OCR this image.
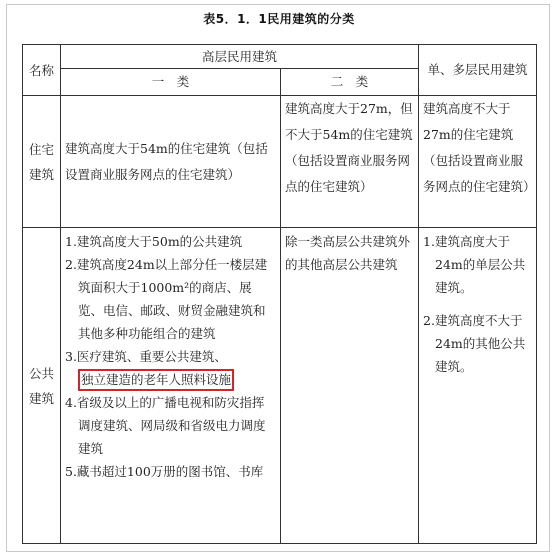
表5．1．1民用建筑的分类
名称	高层民用建筑		单、多层民用建筑
	一　类	二　类	
住宅建筑	建筑高度大于54m的住宅建筑（包括设置商业服务网点的住宅建筑）	建筑高度大于27m，但不大于54m的住宅建筑（包括设置商业服务网点的住宅建筑）	建筑高度不大于27m的住宅建筑（包括设置商业服务网点的住宅建筑）
公共建筑	1.建筑高度大于50m的公共建筑
2.建筑高度24m以上部分任一楼层建筑面积大于1000m²的商店、展览、电信、邮政、财贸金融建筑和其他多种功能组合的建筑
3.医疗建筑、重要公共建筑、独立建造的老年人照料设施
4.省级及以上的广播电视和防灾指挥调度建筑、网局级和省级电力调度建筑
5.藏书超过100万册的图书馆、书库	除一类高层公共建筑外的其他高层公共建筑	1.建筑高度大于24m的单层公共建筑。
2.建筑高度不大于24m的其他公共建筑。
